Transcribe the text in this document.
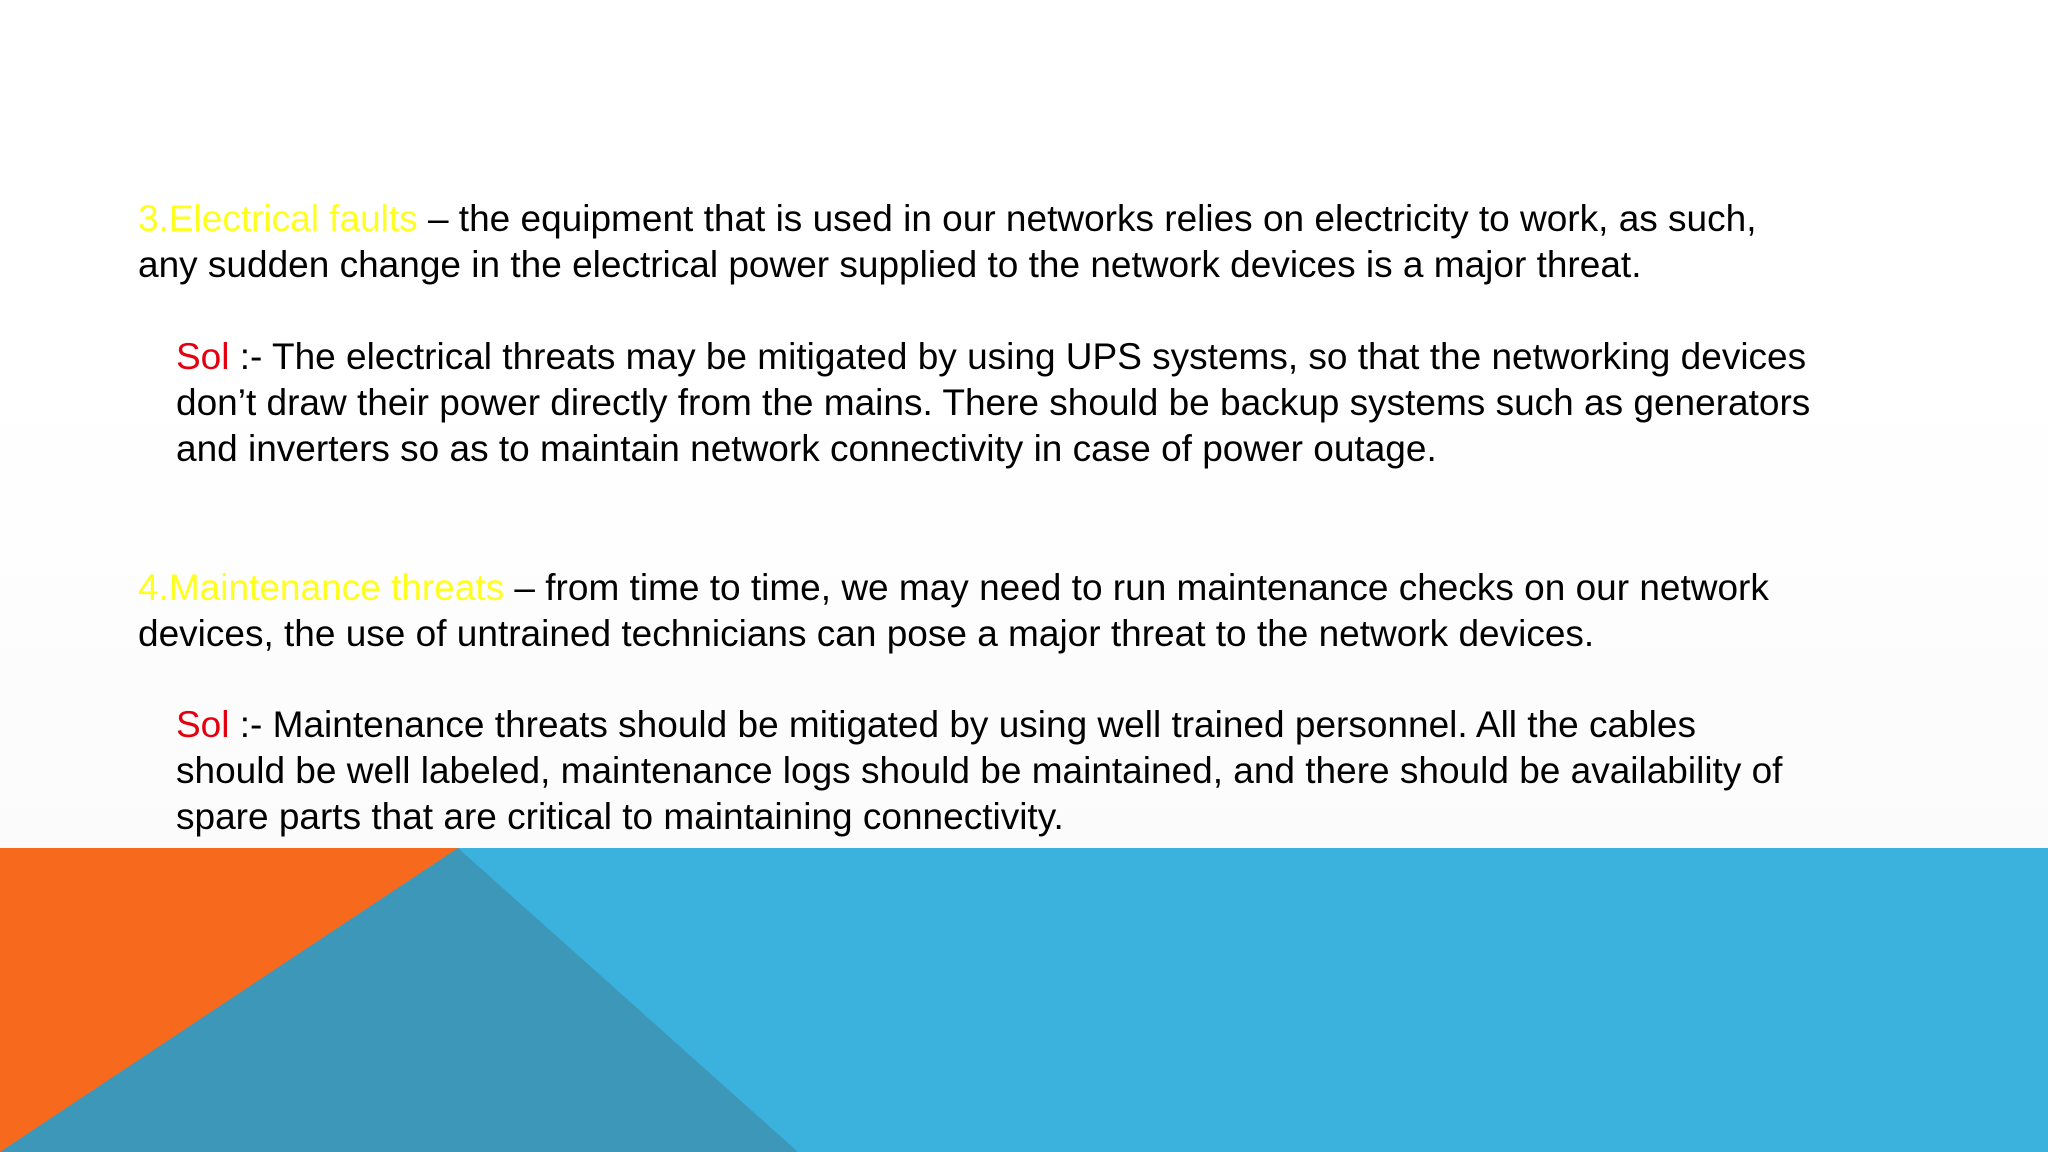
3.Electrical faults – the equipment that is used in our networks relies on electricity to work, as such,
any sudden change in the electrical power supplied to the network devices is a major threat.

Sol :- The electrical threats may be mitigated by using UPS systems, so that the networking devices
don’t draw their power directly from the mains. There should be backup systems such as generators
and inverters so as to maintain network connectivity in case of power outage.

4.Maintenance threats – from time to time, we may need to run maintenance checks on our network
devices, the use of untrained technicians can pose a major threat to the network devices.

Sol :- Maintenance threats should be mitigated by using well trained personnel. All the cables
should be well labeled, maintenance logs should be maintained, and there should be availability of
spare parts that are critical to maintaining connectivity.
